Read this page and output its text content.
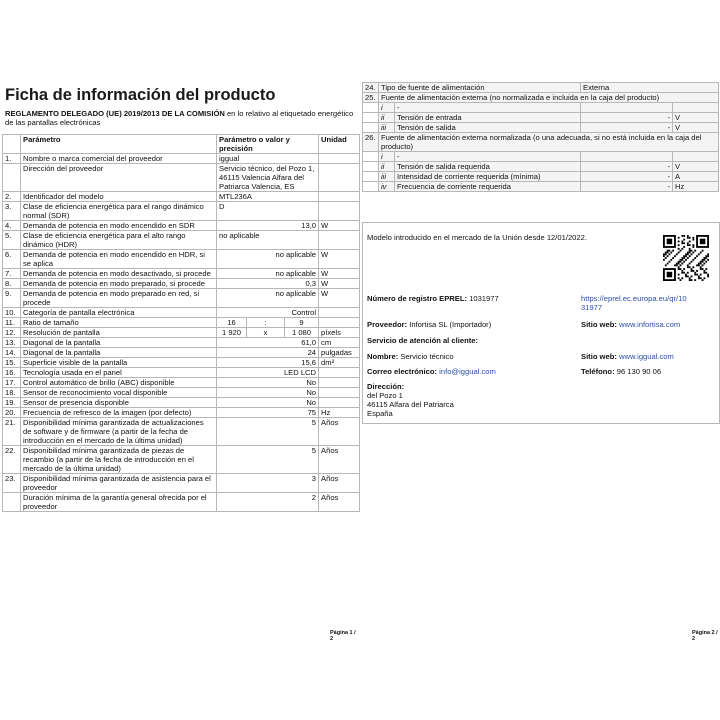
Ficha de información del producto
REGLAMENTO DELEGADO (UE) 2019/2013 DE LA COMISIÓN en lo relativo al etiquetado energético de las pantallas electrónicas
	Parámetro	Parámetro o valor y precisión			Unidad
1.	Nombre o marca comercial del proveedor	iggual			
	Dirección del proveedor	Servicio técnico, del Pozo 1, 46115 Valencia Alfara del Patriarca Valencia, ES			
2.	Identificador del modelo	MTL236A			
3.	Clase de eficiencia energética para el rango dinámico normal (SDR)	D			
4.	Demanda de potencia en modo encendido en SDR	13,0			W
5.	Clase de eficiencia energética para el alto rango dinámico (HDR)	no aplicable			
6.	Demanda de potencia en modo encendido en HDR, si se aplica	no aplicable			W
7.	Demanda de potencia en modo desactivado, si procede	no aplicable			W
8.	Demanda de potencia en modo preparado, si procede	0,3			W
9.	Demanda de potencia en modo preparado en red, si procede	no aplicable			W
10.	Categoría de pantalla electrónica	Control			
11.	Ratio de tamaño	16	:	9	
12.	Resolución de pantalla	1 920	x	1 080	píxels
13.	Diagonal de la pantalla	61,0			cm
14.	Diagonal de la pantalla	24			pulgadas
15.	Superficie visible de la pantalla	15,6			dm²
16.	Tecnología usada en el panel	LED LCD			
17.	Control automático de brillo (ABC) disponible	No			
18.	Sensor de reconocimiento vocal disponible	No			
19.	Sensor de presencia disponible	No			
20.	Frecuencia de refresco de la imagen (por defecto)	75			Hz
21.	Disponibilidad mínima garantizada de actualizaciones de software y de firmware (a partir de la fecha de introducción en el mercado de la última unidad)	5			Años
22.	Disponibilidad mínima garantizada de piezas de recambio (a partir de la fecha de introducción en el mercado de la última unidad)	5			Años
23.	Disponibilidad mínima garantizada de asistencia para el proveedor	3			Años
	Duración mínima de la garantía general ofrecida por el proveedor	2			Años
Página 1 / 2
24.	Tipo de fuente de alimentación		Externa	
25.	Fuente de alimentación externa (no normalizada e incluida en la caja del producto)			
	i	-		
	ii	Tensión de entrada	-	V
	iii	Tensión de salida	-	V
26.	Fuente de alimentación externa normalizada (o una adecuada, si no está incluida en la caja del producto)			
	i	-		
	ii	Tensión de salida requerida	-	V
	iii	Intensidad de corriente requerida (mínima)	-	A
	iv	Frecuencia de corriente requerida	-	Hz
Modelo introducido en el mercado de la Unión desde 12/01/2022.
Número de registro EPREL: 1031977	https://eprel.ec.europa.eu/qr/10
31977
Proveedor: Infortisa SL (Importador)	Sitio web: www.infortisa.com
Servicio de atención al cliente:
Nombre: Servicio técnico	Sitio web: www.iggual.com
Correo electrónico: info@iggual.com	Teléfono: 96 130 90 06
Dirección:
del Pozo 1
46115 Alfara del Patriarca
España
Página 2 / 2
